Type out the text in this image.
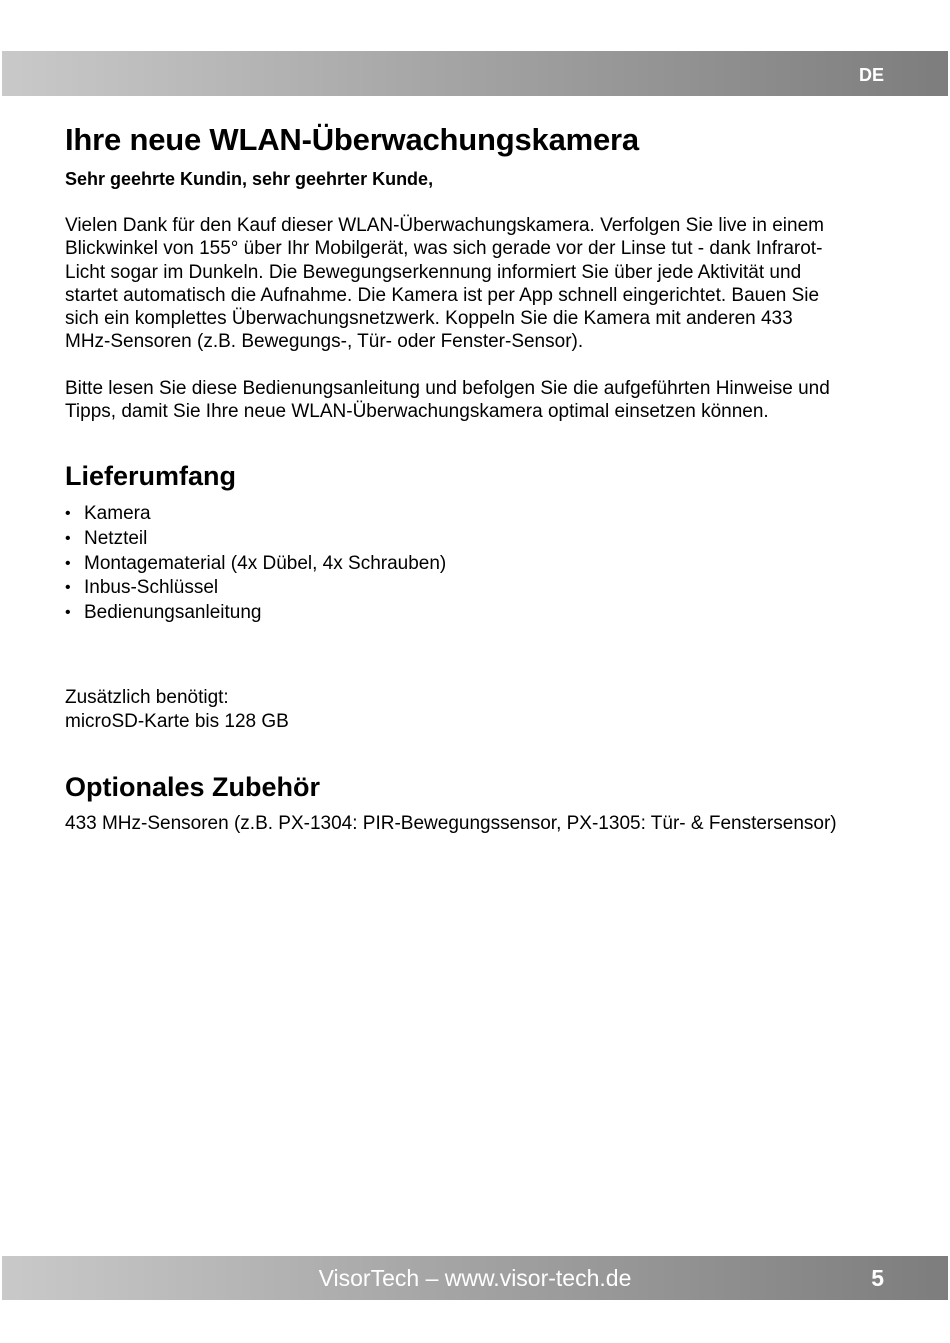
DE
Ihre neue WLAN-Überwachungskamera
Sehr geehrte Kundin, sehr geehrter Kunde,

Vielen Dank für den Kauf dieser WLAN-Überwachungskamera. Verfolgen Sie live in einem

Blickwinkel von 155° über Ihr Mobilgerät, was sich gerade vor der Linse tut - dank Infrarot-

Licht sogar im Dunkeln. Die Bewegungserkennung informiert Sie über jede Aktivität und

startet automatisch die Aufnahme. Die Kamera ist per App schnell eingerichtet. Bauen Sie

sich ein komplettes Überwachungsnetzwerk. Koppeln Sie die Kamera mit anderen 433

MHz-Sensoren (z.B. Bewegungs-, Tür- oder Fenster-Sensor).

Bitte lesen Sie diese Bedienungsanleitung und befolgen Sie die aufgeführten Hinweise und

Tipps, damit Sie Ihre neue WLAN-Überwachungskamera optimal einsetzen können.

Lieferumfang
• Kamera
• Netzteil
• Montagematerial (4x Dübel, 4x Schrauben)
• Inbus-Schlüssel
• Bedienungsanleitung

Zusätzlich benötigt:

microSD-Karte bis 128 GB

Optionales Zubehör

433 MHz-Sensoren (z.B. PX-1304: PIR-Bewegungssensor, PX-1305: Tür- & Fenstersensor)

VisorTech – www.visor-tech.de	5
